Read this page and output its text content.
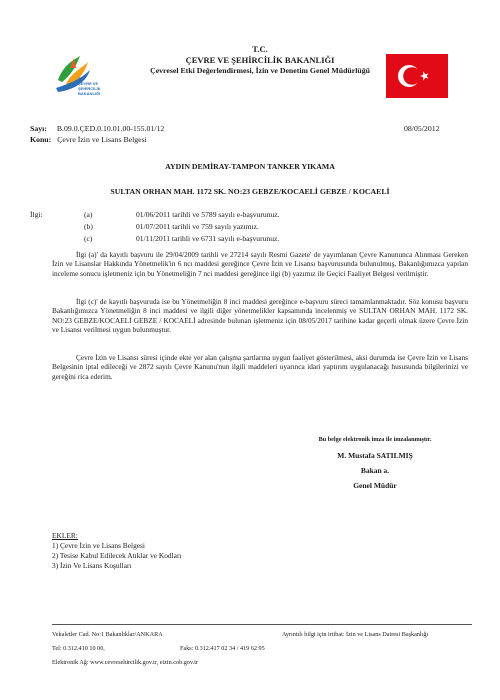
T.C.
ÇEVRE VE ŞEHİRCİLİK
BAKANLIĞI
T.C.
ÇEVRE VE ŞEHİRCİLİK BAKANLIĞI
Çevresel Etki Değerlendirmesi, İzin ve Denetim Genel Müdürlüğü
Sayı: B.09.0.ÇED.0.10.01.00-155.01/12	08/05/2012
Konu: Çevre İzin ve Lisans Belgesi
AYDIN DEMİRAY-TAMPON TANKER YIKAMA
SULTAN ORHAN MAH. 1172 SK. NO:23 GEBZE/KOCAELİ GEBZE / KOCAELİ
İlgi:	(a)	01/06/2011 tarihli ve 5789 sayılı e-başvurunuz.
(b)	01/07/2011 tarihli ve 759 sayılı yazımız.
(c)	01/11/2011 tarihli ve 6731 sayılı e-başvurunuz.

İlgi (a)' da kayıtlı başvuru ile 29/04/2009 tarihli ve 27214 sayılı Resmi Gazete' de yayımlanan Çevre Kanununca Alınması Gereken İzin ve Lisanslar Hakkında Yönetmelik'in 6 ncı maddesi gereğince Çevre İzin ve Lisansı başvurusunda bulunulmuş, Bakanlığımızca yapılan inceleme sonucu işletmeniz için bu Yönetmeliğin 7 nci maddesi gereğince ilgi (b) yazımız ile Geçici Faaliyet Belgesi verilmiştir.

İlgi (c)' de kayıtlı başvuruda ise bu Yönetmeliğin 8 inci maddesi gereğince e-başvuru süreci tamamlanmaktadır. Söz konusu başvuru Bakanlığımızca Yönetmeliğin 8 inci maddesi ve ilgili diğer yönetmelikler kapsamında incelenmiş ve SULTAN ORHAN MAH. 1172 SK. NO:23 GEBZE/KOCAELİ GEBZE / KOCAELİ adresinde bulunan işletmeniz için 08/05/2017 tarihine kadar geçerli olmak üzere Çevre İzin ve Lisansı verilmesi uygun bulunmuştur.

Çevre İzin ve Lisansı süresi içinde ekte yer alan çalışma şartlarına uygun faaliyet gösterilmesi, aksi durumda ise Çevre İzin ve Lisans Belgesinin iptal edileceği ve 2872 sayılı Çevre Kanunu'nun ilgili maddeleri uyarınca idari yaptırım uygulanacağı hususunda bilgilerinizi ve gereğini rica ederim.

Bu belge elektronik imza ile imzalanmıştır.
M. Mustafa SATILMIŞ
Bakan a.
Genel Müdür
EKLER:
1) Çevre İzin ve Lisans Belgesi
2) Tesise Kabul Edilecek Atıklar ve Kodları
3) İzin Ve Lisans Koşulları
Vekaletler Cad. No:1 Bakanlıklar/ANKARA	Ayrıntılı bilgi için irtibat: İzin ve Lisans Dairesi Başkanlığı
Tel: 0.312.410 10 00,	Faks: 0.312.417 02 34 / 419 62 95
Elektronik Ağ: www.cevresehircilik.gov.tr, eizin.cob.gov.tr
